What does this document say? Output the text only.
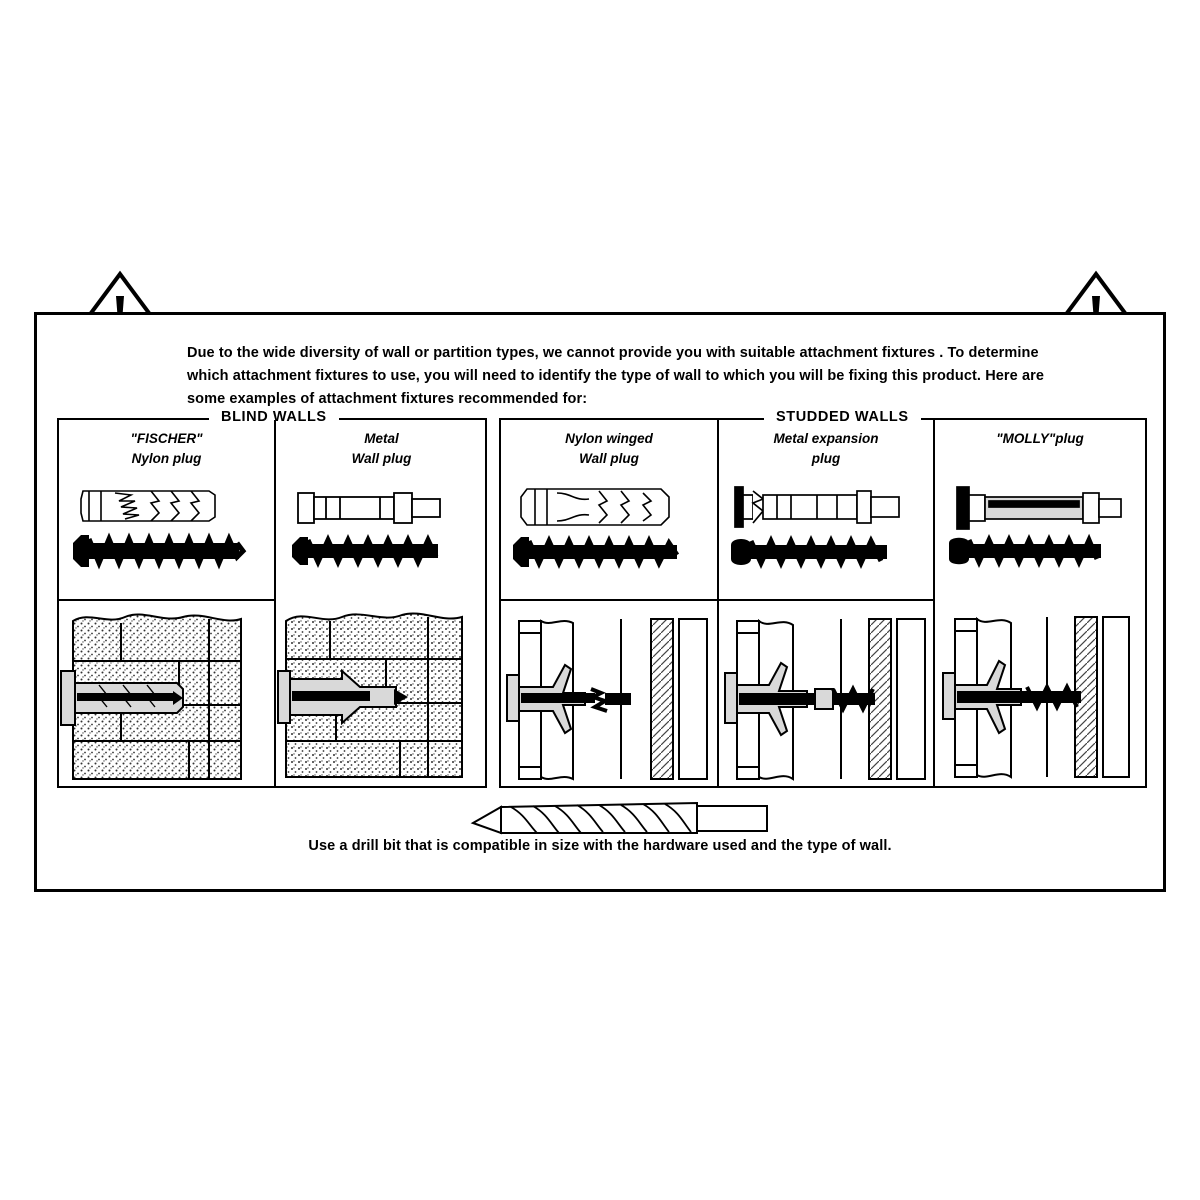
Due to the wide diversity of wall or partition types, we cannot provide you with suitable attachment fixtures . To determine which attachment fixtures to use, you will need to identify the type of wall to which you will be fixing this product. Here are some examples of attachment fixtures recommended for:

BLIND WALLS
"FISCHER"
Nylon plug
Metal
Wall plug
STUDDED WALLS
Nylon winged
Wall plug
Metal expansion
plug
"MOLLY"plug
Use a drill bit that is compatible in size with the hardware used and the type of wall.
